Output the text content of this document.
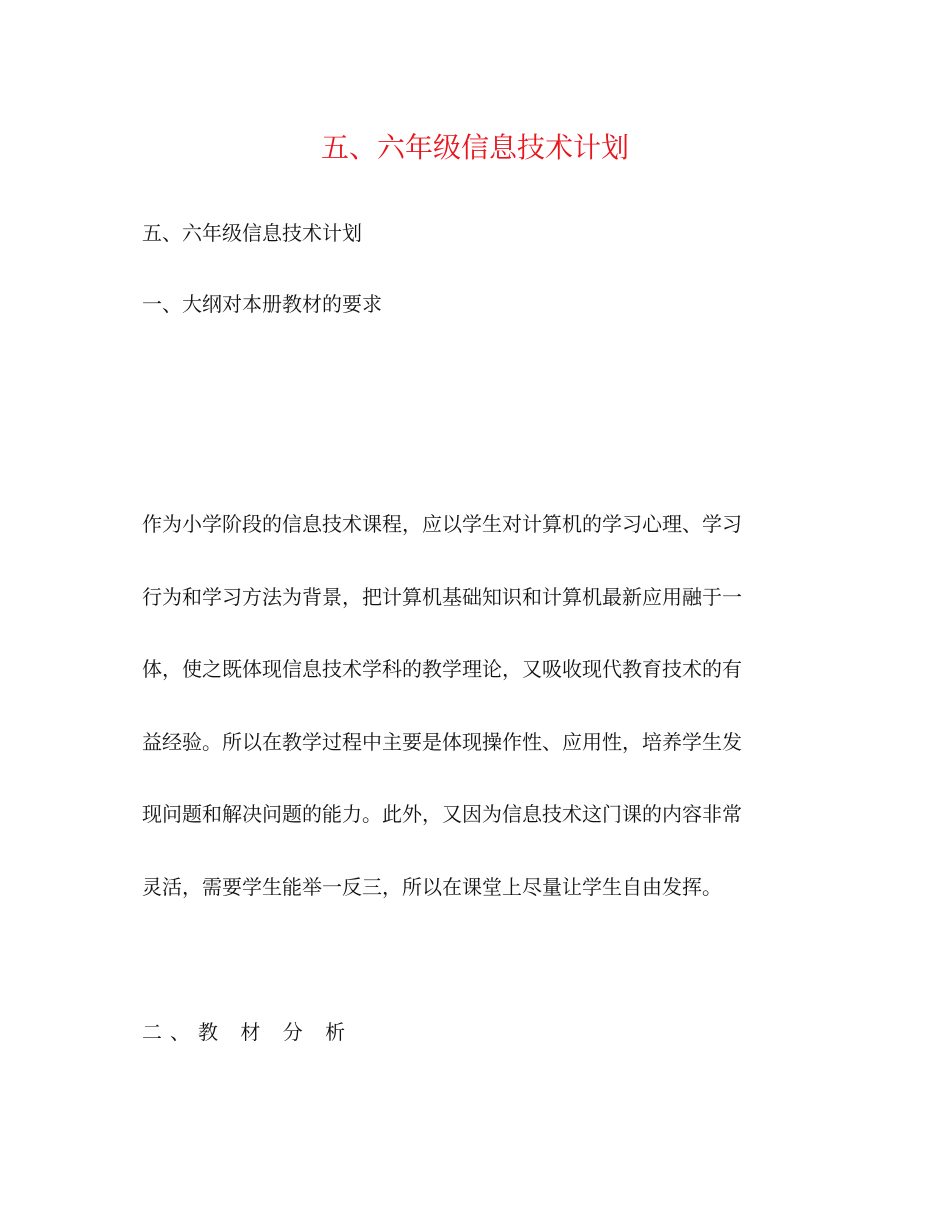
五、六年级信息技术计划

五、六年级信息技术计划

一、大纲对本册教材的要求

作为小学阶段的信息技术课程，应以学生对计算机的学习心理、学习

行为和学习方法为背景，把计算机基础知识和计算机最新应用融于一

体，使之既体现信息技术学科的教学理论，又吸收现代教育技术的有

益经验。所以在教学过程中主要是体现操作性、应用性，培养学生发

现问题和解决问题的能力。此外，又因为信息技术这门课的内容非常

灵活，需要学生能举一反三，所以在课堂上尽量让学生自由发挥。

二、教 材 分 析
